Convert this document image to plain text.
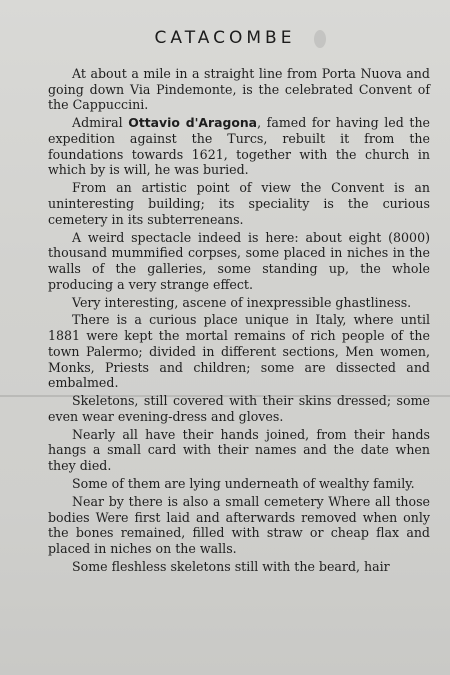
CATACOMBE

At about a mile in a straight line from Porta Nuova and going down Via Pindemonte, is the celebrated Convent of the Cappuccini.

Admiral Ottavio d'Aragona, famed for having led the expedition against the Turcs, rebuilt it from the foundations towards 1621, together with the church in which by is will, he was buried.

From an artistic point of view the Convent is an uninteresting building; its speciality is the curious cemetery in its subterreneans.

A weird spectacle indeed is here: about eight (8000) thousand mummified corpses, some placed in niches in the walls of the galleries, some standing up, the whole producing a very strange effect.

Very interesting, ascene of inexpressible ghastliness.

There is a curious place unique in Italy, where until 1881 were kept the mortal remains of rich people of the town Palermo; divided in different sections, Men women, Monks, Priests and children; some are dissected and embalmed.

Skeletons, still covered with their skins dressed; some even wear evening-dress and gloves.

Nearly all have their hands joined, from their hands hangs a small card with their names and the date when they died.

Some of them are lying underneath of wealthy family.

Near by there is also a small cemetery Where all those bodies Were first laid and afterwards removed when only the bones remained, filled with straw or cheap flax and placed in niches on the walls.

Some fleshless skeletons still with the beard, hair
